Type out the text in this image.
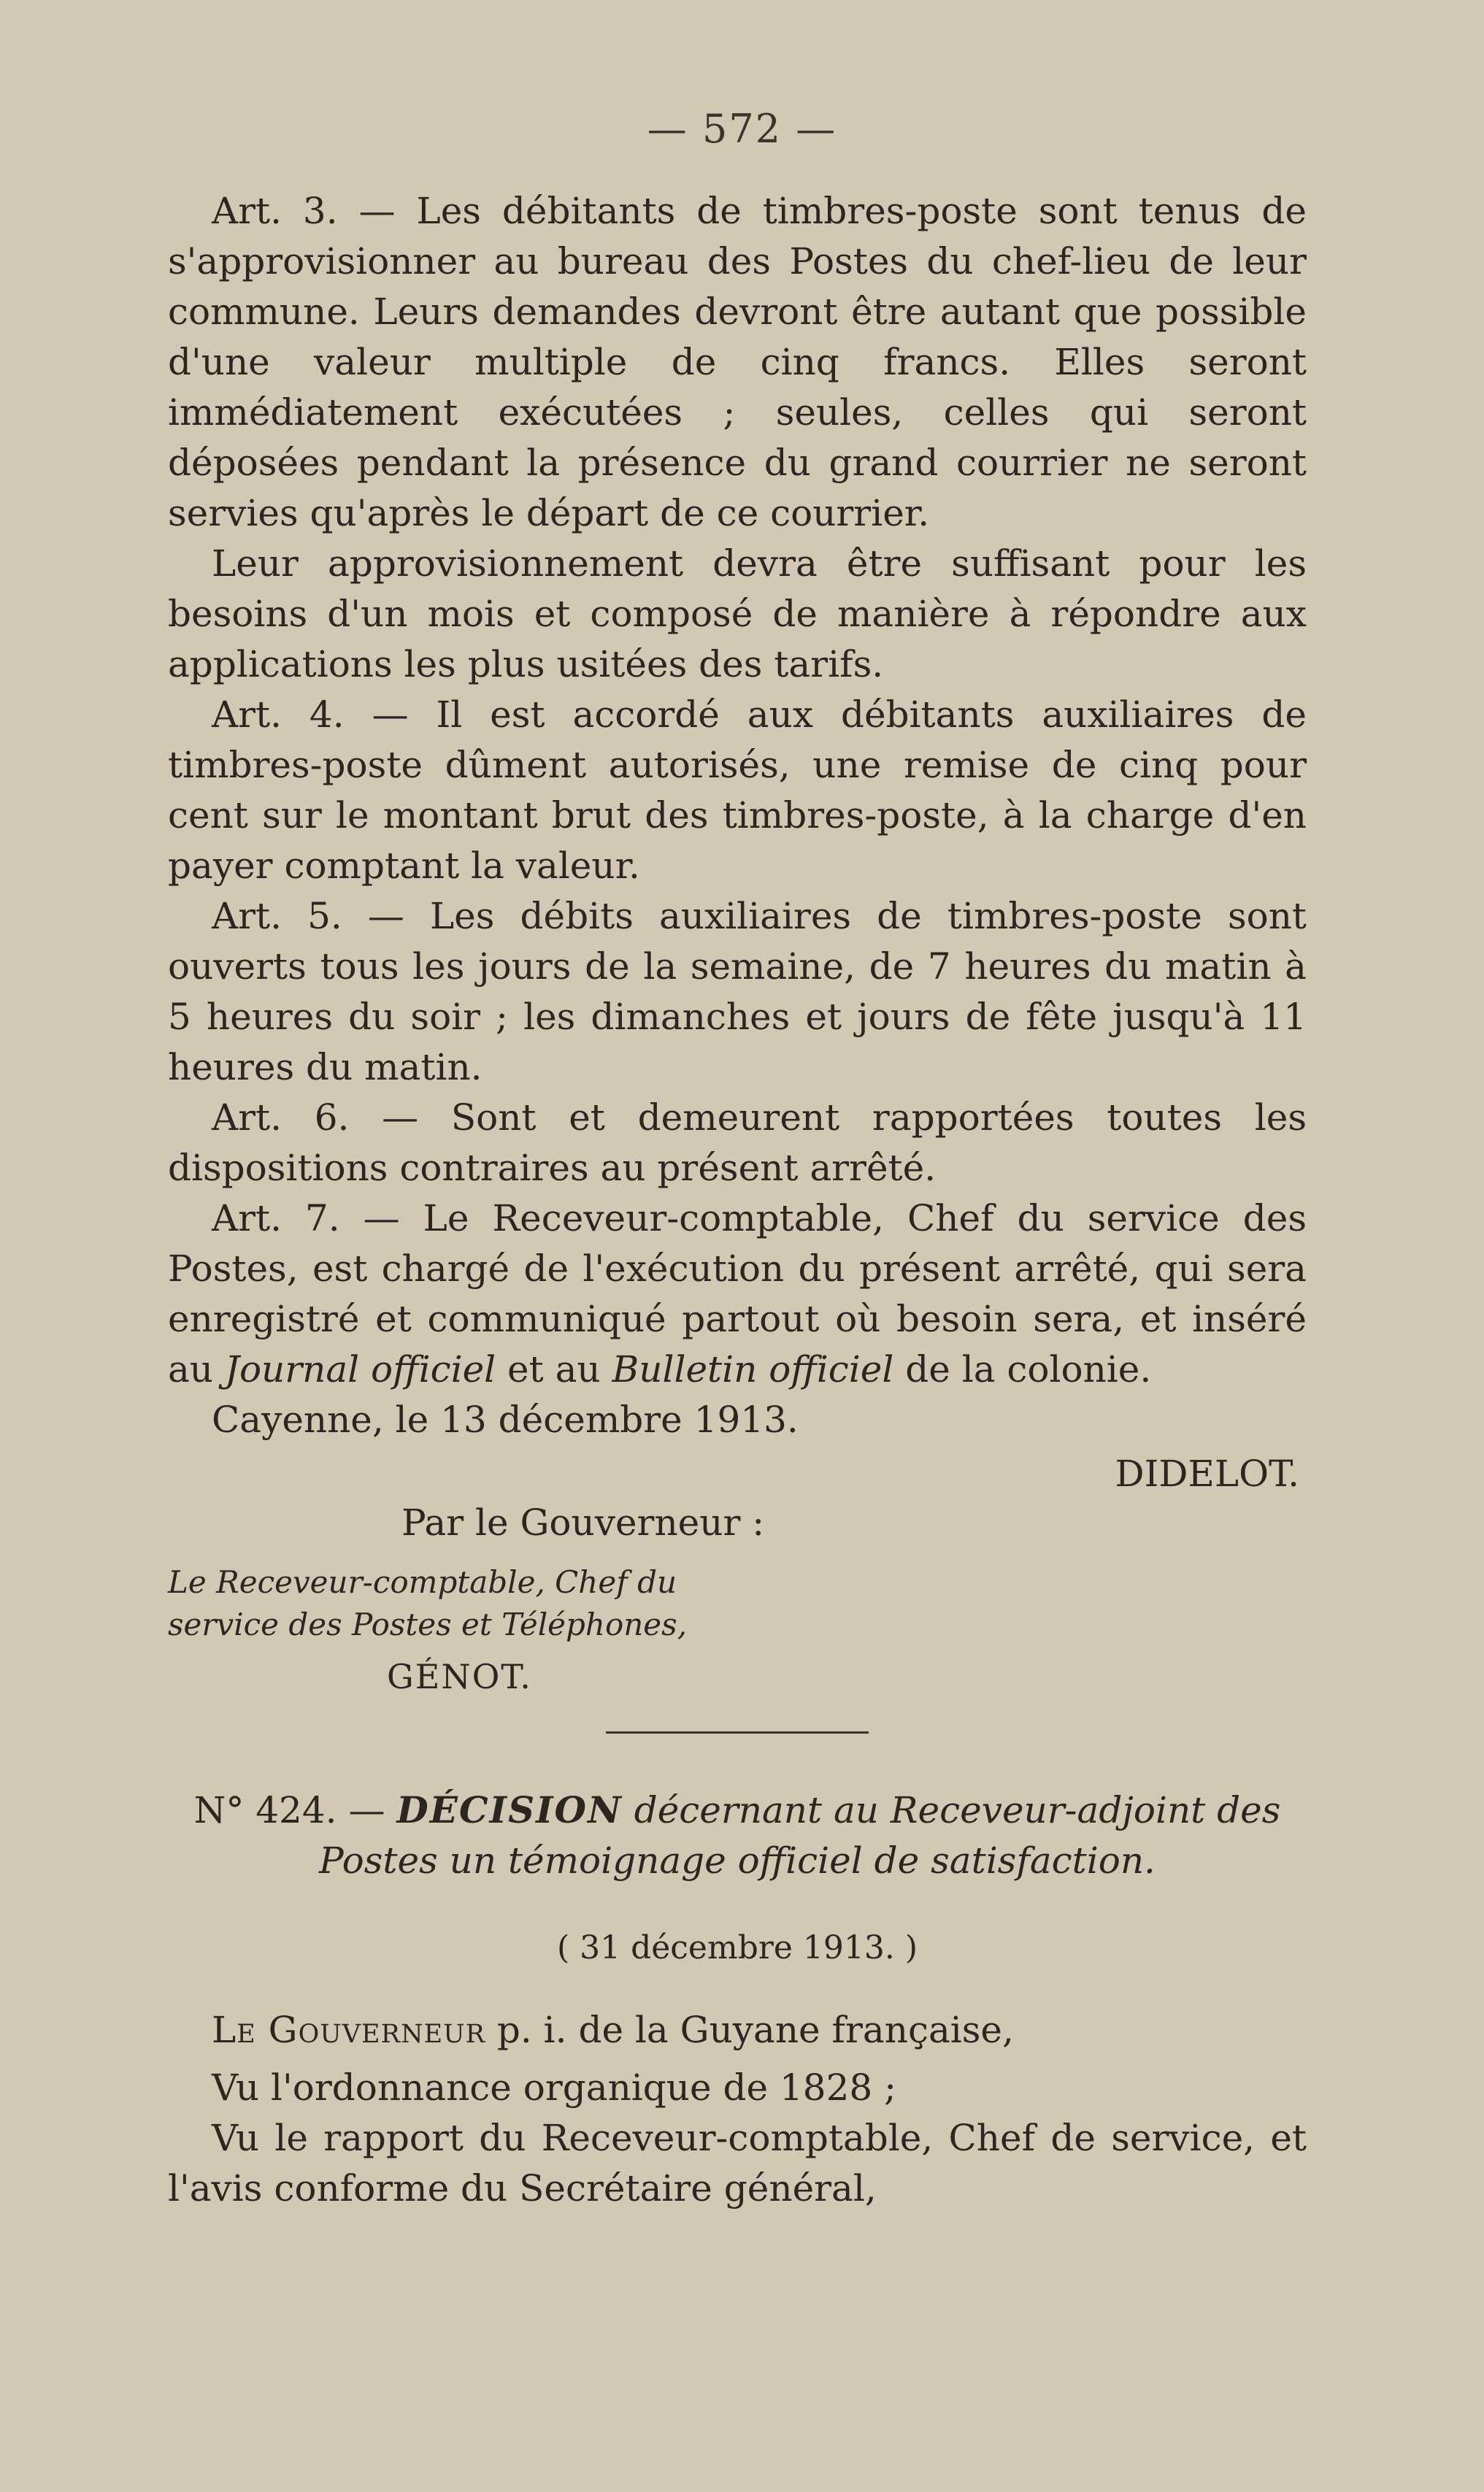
— 572 —

Art. 3. — Les débitants de timbres-poste sont tenus de s'approvisionner au bureau des Postes du chef-lieu de leur commune. Leurs demandes devront être autant que possible d'une valeur multiple de cinq francs. Elles seront immédiatement exécutées ; seules, celles qui seront déposées pendant la présence du grand courrier ne seront servies qu'après le départ de ce courrier.

Leur approvisionnement devra être suffisant pour les besoins d'un mois et composé de manière à répondre aux applications les plus usitées des tarifs.

Art. 4. — Il est accordé aux débitants auxiliaires de timbres-poste dûment autorisés, une remise de cinq pour cent sur le montant brut des timbres-poste, à la charge d'en payer comptant la valeur.

Art. 5. — Les débits auxiliaires de timbres-poste sont ouverts tous les jours de la semaine, de 7 heures du matin à 5 heures du soir ; les dimanches et jours de fête jusqu'à 11 heures du matin.

Art. 6. — Sont et demeurent rapportées toutes les dispositions contraires au présent arrêté.

Art. 7. — Le Receveur-comptable, Chef du service des Postes, est chargé de l'exécution du présent arrêté, qui sera enregistré et communiqué partout où besoin sera, et inséré au Journal officiel et au Bulletin officiel de la colonie.

Cayenne, le 13 décembre 1913.

DIDELOT.

Par le Gouverneur :

Le Receveur-comptable, Chef du service des Postes et Téléphones,

GÉNOT.

N° 424. — DÉCISION décernant au Receveur-adjoint des Postes un témoignage officiel de satisfaction.

( 31 décembre 1913. )

Le Gouverneur p. i. de la Guyane française,

Vu l'ordonnance organique de 1828 ;

Vu le rapport du Receveur-comptable, Chef de service, et l'avis conforme du Secrétaire général,
